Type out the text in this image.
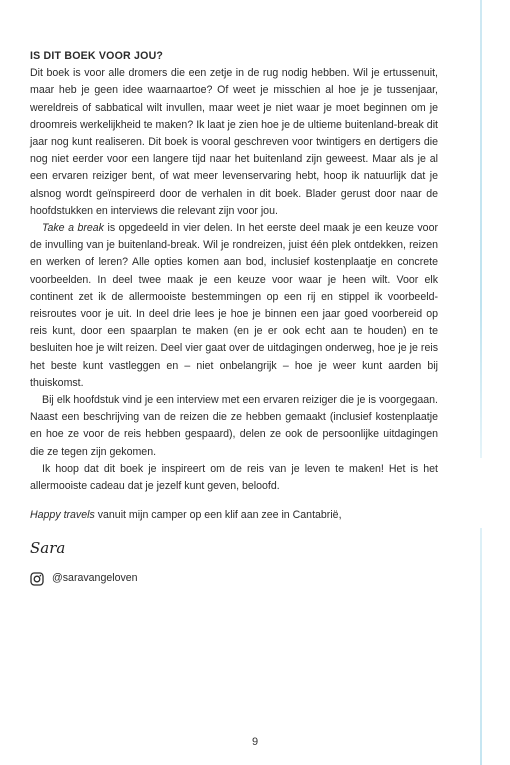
IS DIT BOEK VOOR JOU?

Dit boek is voor alle dromers die een zetje in de rug nodig hebben. Wil je ertussenuit, maar heb je geen idee waarnaartoe? Of weet je misschien al hoe je je tussenjaar, wereldreis of sabbatical wilt invullen, maar weet je niet waar je moet beginnen om je droomreis werkelijkheid te maken? Ik laat je zien hoe je de ultieme buitenland-break dit jaar nog kunt realiseren. Dit boek is vooral geschreven voor twintigers en dertigers die nog niet eerder voor een langere tijd naar het buitenland zijn geweest. Maar als je al een ervaren reiziger bent, of wat meer levenservaring hebt, hoop ik natuurlijk dat je alsnog wordt geïnspireerd door de verhalen in dit boek. Blader gerust door naar de hoofdstukken en interviews die relevant zijn voor jou.

Take a break is opgedeeld in vier delen. In het eerste deel maak je een keuze voor de invulling van je buitenland-break. Wil je rondreizen, juist één plek ontdekken, reizen en werken of leren? Alle opties komen aan bod, inclusief kostenplaatje en concrete voorbeelden. In deel twee maak je een keuze voor waar je heen wilt. Voor elk continent zet ik de allermooiste bestemmingen op een rij en stippel ik voorbeeld-reisroutes voor je uit. In deel drie lees je hoe je binnen een jaar goed voorbereid op reis kunt, door een spaarplan te maken (en je er ook echt aan te houden) en te besluiten hoe je wilt reizen. Deel vier gaat over de uitdagingen onderweg, hoe je je reis het beste kunt vastleggen en – niet onbelangrijk – hoe je weer kunt aarden bij thuiskomst.

Bij elk hoofdstuk vind je een interview met een ervaren reiziger die je is voorgegaan. Naast een beschrijving van de reizen die ze hebben gemaakt (inclusief kostenplaatje en hoe ze voor de reis hebben gespaard), delen ze ook de persoonlijke uitdagingen die ze tegen zijn gekomen.

Ik hoop dat dit boek je inspireert om de reis van je leven te maken! Het is het allermooiste cadeau dat je jezelf kunt geven, beloofd.

Happy travels vanuit mijn camper op een klif aan zee in Cantabrië,

Sara
@saravangeloven
9
